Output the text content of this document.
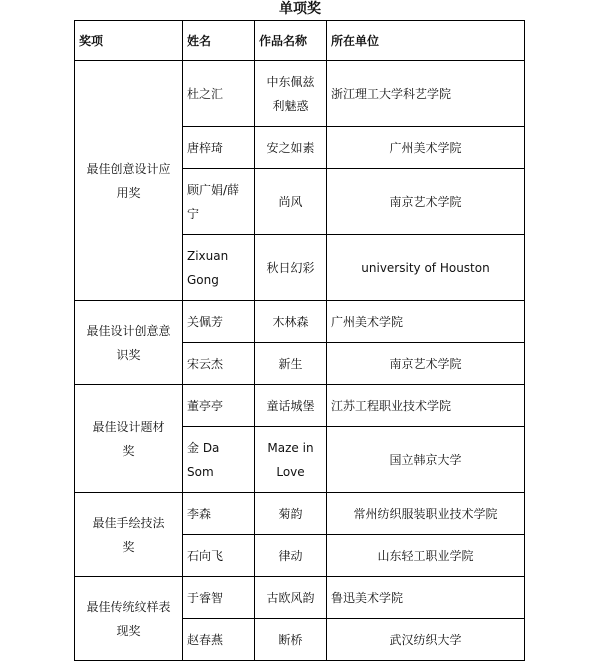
单项奖
奖项	姓名	作品名称	所在单位
最佳创意设计应用奖	杜之汇	中东佩兹利魅惑	浙江理工大学科艺学院
	唐梓琦	安之如素	广州美术学院
	顾广娟/薛宁	尚风	南京艺术学院
	Zixuan Gong	秋日幻彩	university of Houston
最佳设计创意意识奖	关佩芳	木林森	广州美术学院
	宋云杰	新生	南京艺术学院
最佳设计题材奖	董亭亭	童话城堡	江苏工程职业技术学院
	金 Da Som	Maze in Love	国立韩京大学
最佳手绘技法奖	李森	菊韵	常州纺织服装职业技术学院
	石向飞	律动	山东轻工职业学院
最佳传统纹样表现奖	于睿智	古欧风韵	鲁迅美术学院
	赵春燕	断桥	武汉纺织大学
